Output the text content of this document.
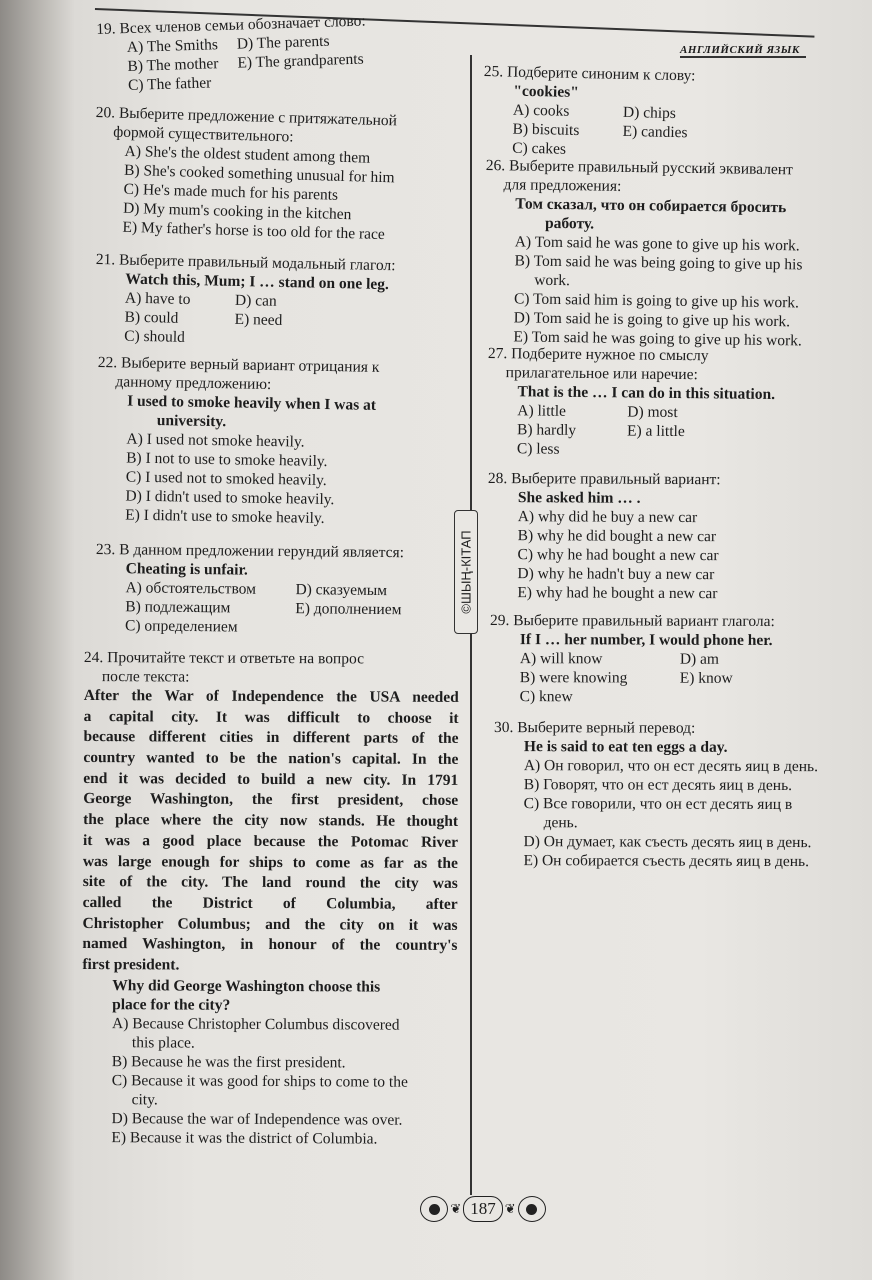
АНГЛИЙСКИЙ ЯЗЫК
©ШЫҢ-КІТАП
19. Всех членов семьи обозначает слово:
A) The Smiths	D) The parents
B) The mother	E) The grandparents
C) The father
20. Выберите предложение с притяжательной
формой существительного:
A) She's the oldest student among them
B) She's cooked something unusual for him
C) He's made much for his parents
D) My mum's cooking in the kitchen
E) My father's horse is too old for the race
21. Выберите правильный модальный глагол:
Watch this, Mum; I … stand on one leg.
A) have to	D) can
B) could	E) need
C) should
22. Выберите верный вариант отрицания к
данному предложению:
I used to smoke heavily when I was at
university.
A) I used not smoke heavily.
B) I not to use to smoke heavily.
C) I used not to smoked heavily.
D) I didn't used to smoke heavily.
E) I didn't use to smoke heavily.
23. В данном предложении герундий является:
Cheating is unfair.
A) обстоятельством	D) сказуемым
B) подлежащим	E) дополнением
C) определением
24. Прочитайте текст и ответьте на вопрос
после текста:
After the War of Independence the USA needed
a capital city. It was difficult to choose it
because different cities in different parts of the
country wanted to be the nation's capital. In the
end it was decided to build a new city. In 1791
George Washington, the first president, chose
the place where the city now stands. He thought
it was a good place because the Potomac River
was large enough for ships to come as far as the
site of the city. The land round the city was
called the District of Columbia, after
Christopher Columbus; and the city on it was
named Washington, in honour of the country's
first president.
Why did George Washington choose this
place for the city?
A) Because Christopher Columbus discovered
this place.
B) Because he was the first president.
C) Because it was good for ships to come to the
city.
D) Because the war of Independence was over.
E) Because it was the district of Columbia.
25. Подберите синоним к слову:
"cookies"
A) cooks	D) chips
B) biscuits	E) candies
C) cakes
26. Выберите правильный русский эквивалент
для предложения:
Том сказал, что он собирается бросить
работу.
A) Tom said he was gone to give up his work.
B) Tom said he was being going to give up his
work.
C) Tom said him is going to give up his work.
D) Tom said he is going to give up his work.
E) Tom said he was going to give up his work.
27. Подберите нужное по смыслу
прилагательное или наречие:
That is the … I can do in this situation.
A) little	D) most
B) hardly	E) a little
C) less
28. Выберите правильный вариант:
She asked him … .
A) why did he buy a new car
B) why he did bought a new car
C) why he had bought a new car
D) why he hadn't buy a new car
E) why had he bought a new car
29. Выберите правильный вариант глагола:
If I … her number, I would phone her.
A) will know	D) am
B) were knowing	E) know
C) knew
30. Выберите верный перевод:
He is said to eat ten eggs a day.
A) Он говорил, что он ест десять яиц в день.
B) Говорят, что он ест десять яиц в день.
C) Все говорили, что он ест десять яиц в
день.
D) Он думает, как съесть десять яиц в день.
E) Он собирается съесть десять яиц в день.
❦ 187 ❦
